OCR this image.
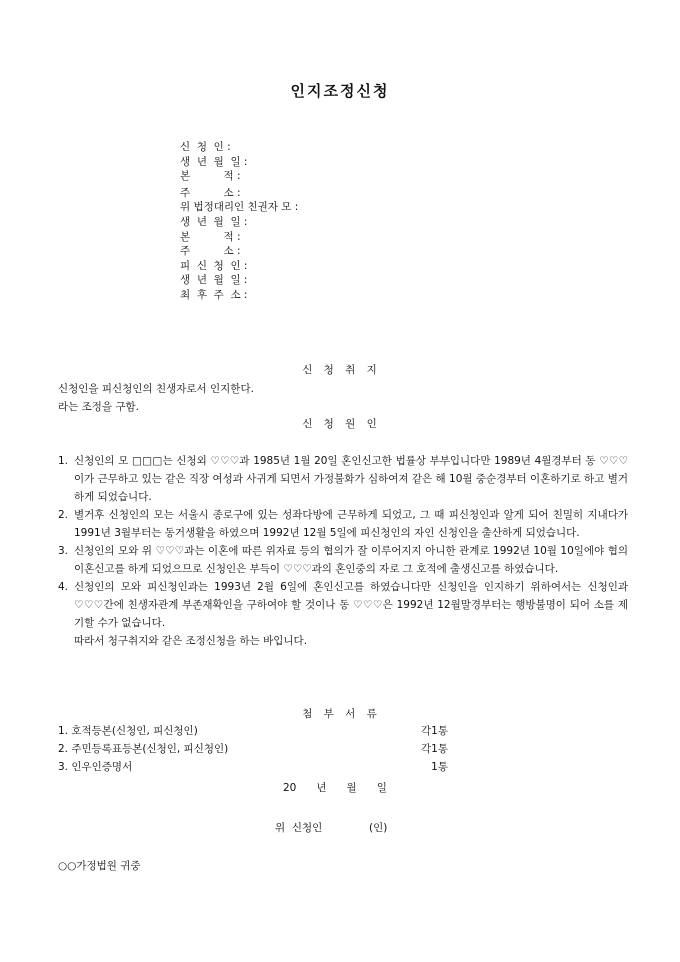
인지조정신청
신  청  인 :
생  년  월  일 :
본          적 :
주          소 :
위 법정대리인 친권자 모 :
생  년  월  일 :
본          적 :
주          소 :
피  신  청  인 :
생  년  월  일 :
최  후  주  소 :
신 청 취 지
신청인을 피신청인의 친생자로서 인지한다.
라는 조정을 구함.
신 청 원 인
1. 신청인의 모 □□□는 신청외 ♡♡♡과 1985년 1월 20일 혼인신고한 법률상 부부입니다만 1989년 4월경부터 동 ♡♡♡이가 근무하고 있는 같은 직장 여성과 사귀게 되면서 가정불화가 심하여져 같은 해 10월 중순경부터 이혼하기로 하고 별거하게 되었습니다.
2. 별거후 신청인의 모는 서울시 종로구에 있는 성좌다방에 근무하게 되었고, 그 때 피신청인과 알게 되어 친밀히 지내다가 1991년 3월부터는 동거생활을 하였으며 1992년 12월 5일에 피신청인의 자인 신청인을 출산하게 되었습니다.
3. 신청인의 모와 위 ♡♡♡과는 이혼에 따른 위자료 등의 협의가 잘 이루어지지 아니한 관계로 1992년 10월 10일에야 협의이혼신고를 하게 되었으므로 신청인은 부득이 ♡♡♡과의 혼인중의 자로 그 호적에 출생신고를 하였습니다.
4. 신청인의 모와 피신청인과는 1993년 2월 6일에 혼인신고를 하였습니다만 신청인을 인지하기 위하여서는 신청인과 ♡♡♡간에 친생자관계 부존재확인을 구하여야 할 것이나 동 ♡♡♡은 1992년 12월말경부터는 행방불명이 되어 소를 제기할 수가 없습니다.
따라서 청구취지와 같은 조정신청을 하는 바입니다.
첨 부 서 류
1. 호적등본(신청인, 피신청인)	각1통
2. 주민등록표등본(신청인, 피신청인)	각1통
3. 인우인증명서	1통
20      년      월      일
위  신청인              (인)
○○가정법원 귀중
